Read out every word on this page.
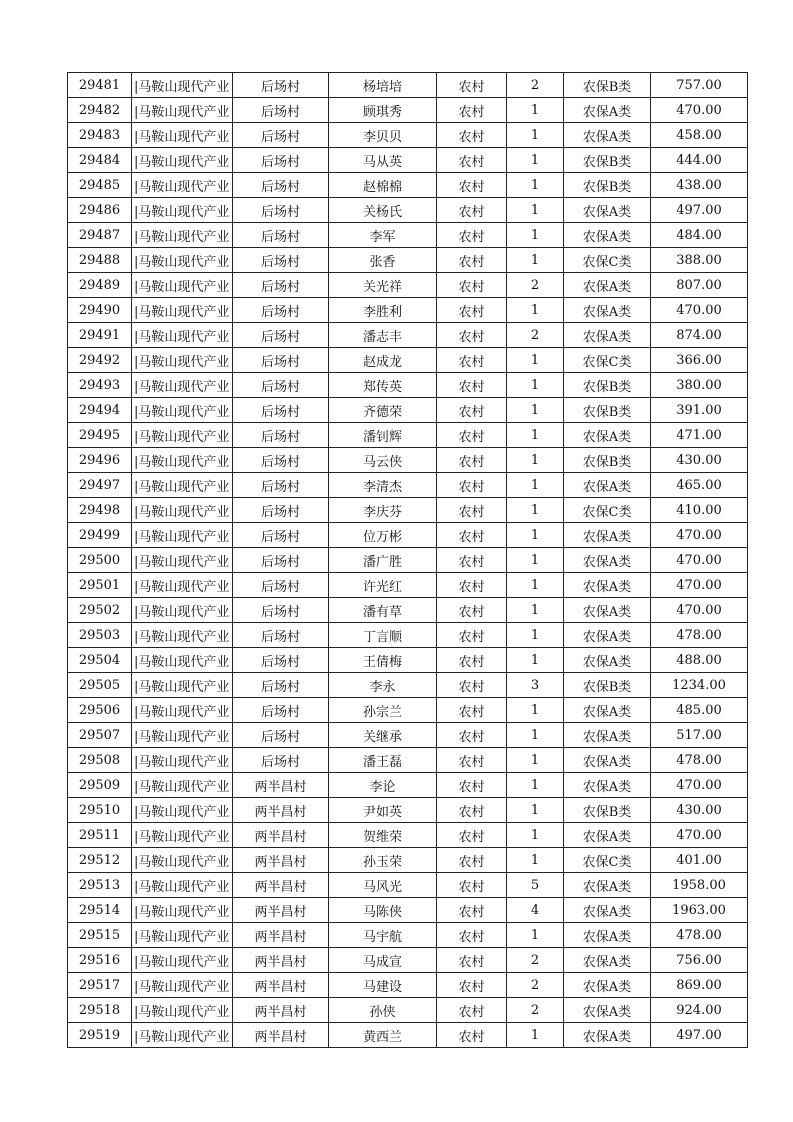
29481	|马鞍山现代产业	后场村	杨培培	农村	2	农保B类	757.00
29482	|马鞍山现代产业	后场村	顾琪秀	农村	1	农保A类	470.00
29483	|马鞍山现代产业	后场村	李贝贝	农村	1	农保A类	458.00
29484	|马鞍山现代产业	后场村	马从英	农村	1	农保B类	444.00
29485	|马鞍山现代产业	后场村	赵棉棉	农村	1	农保B类	438.00
29486	|马鞍山现代产业	后场村	关杨氏	农村	1	农保A类	497.00
29487	|马鞍山现代产业	后场村	李军	农村	1	农保A类	484.00
29488	|马鞍山现代产业	后场村	张香	农村	1	农保C类	388.00
29489	|马鞍山现代产业	后场村	关光祥	农村	2	农保A类	807.00
29490	|马鞍山现代产业	后场村	李胜利	农村	1	农保A类	470.00
29491	|马鞍山现代产业	后场村	潘志丰	农村	2	农保A类	874.00
29492	|马鞍山现代产业	后场村	赵成龙	农村	1	农保C类	366.00
29493	|马鞍山现代产业	后场村	郑传英	农村	1	农保B类	380.00
29494	|马鞍山现代产业	后场村	齐德荣	农村	1	农保B类	391.00
29495	|马鞍山现代产业	后场村	潘钊辉	农村	1	农保A类	471.00
29496	|马鞍山现代产业	后场村	马云侠	农村	1	农保B类	430.00
29497	|马鞍山现代产业	后场村	李清杰	农村	1	农保A类	465.00
29498	|马鞍山现代产业	后场村	李庆芬	农村	1	农保C类	410.00
29499	|马鞍山现代产业	后场村	位万彬	农村	1	农保A类	470.00
29500	|马鞍山现代产业	后场村	潘广胜	农村	1	农保A类	470.00
29501	|马鞍山现代产业	后场村	许光红	农村	1	农保A类	470.00
29502	|马鞍山现代产业	后场村	潘有草	农村	1	农保A类	470.00
29503	|马鞍山现代产业	后场村	丁言顺	农村	1	农保A类	478.00
29504	|马鞍山现代产业	后场村	王倩梅	农村	1	农保A类	488.00
29505	|马鞍山现代产业	后场村	李永	农村	3	农保B类	1234.00
29506	|马鞍山现代产业	后场村	孙宗兰	农村	1	农保A类	485.00
29507	|马鞍山现代产业	后场村	关继承	农村	1	农保A类	517.00
29508	|马鞍山现代产业	后场村	潘王磊	农村	1	农保A类	478.00
29509	|马鞍山现代产业	两半昌村	李论	农村	1	农保A类	470.00
29510	|马鞍山现代产业	两半昌村	尹如英	农村	1	农保B类	430.00
29511	|马鞍山现代产业	两半昌村	贺维荣	农村	1	农保A类	470.00
29512	|马鞍山现代产业	两半昌村	孙玉荣	农村	1	农保C类	401.00
29513	|马鞍山现代产业	两半昌村	马风光	农村	5	农保A类	1958.00
29514	|马鞍山现代产业	两半昌村	马陈侠	农村	4	农保A类	1963.00
29515	|马鞍山现代产业	两半昌村	马宇航	农村	1	农保A类	478.00
29516	|马鞍山现代产业	两半昌村	马成宣	农村	2	农保A类	756.00
29517	|马鞍山现代产业	两半昌村	马建设	农村	2	农保A类	869.00
29518	|马鞍山现代产业	两半昌村	孙侠	农村	2	农保A类	924.00
29519	|马鞍山现代产业	两半昌村	黄西兰	农村	1	农保A类	497.00
